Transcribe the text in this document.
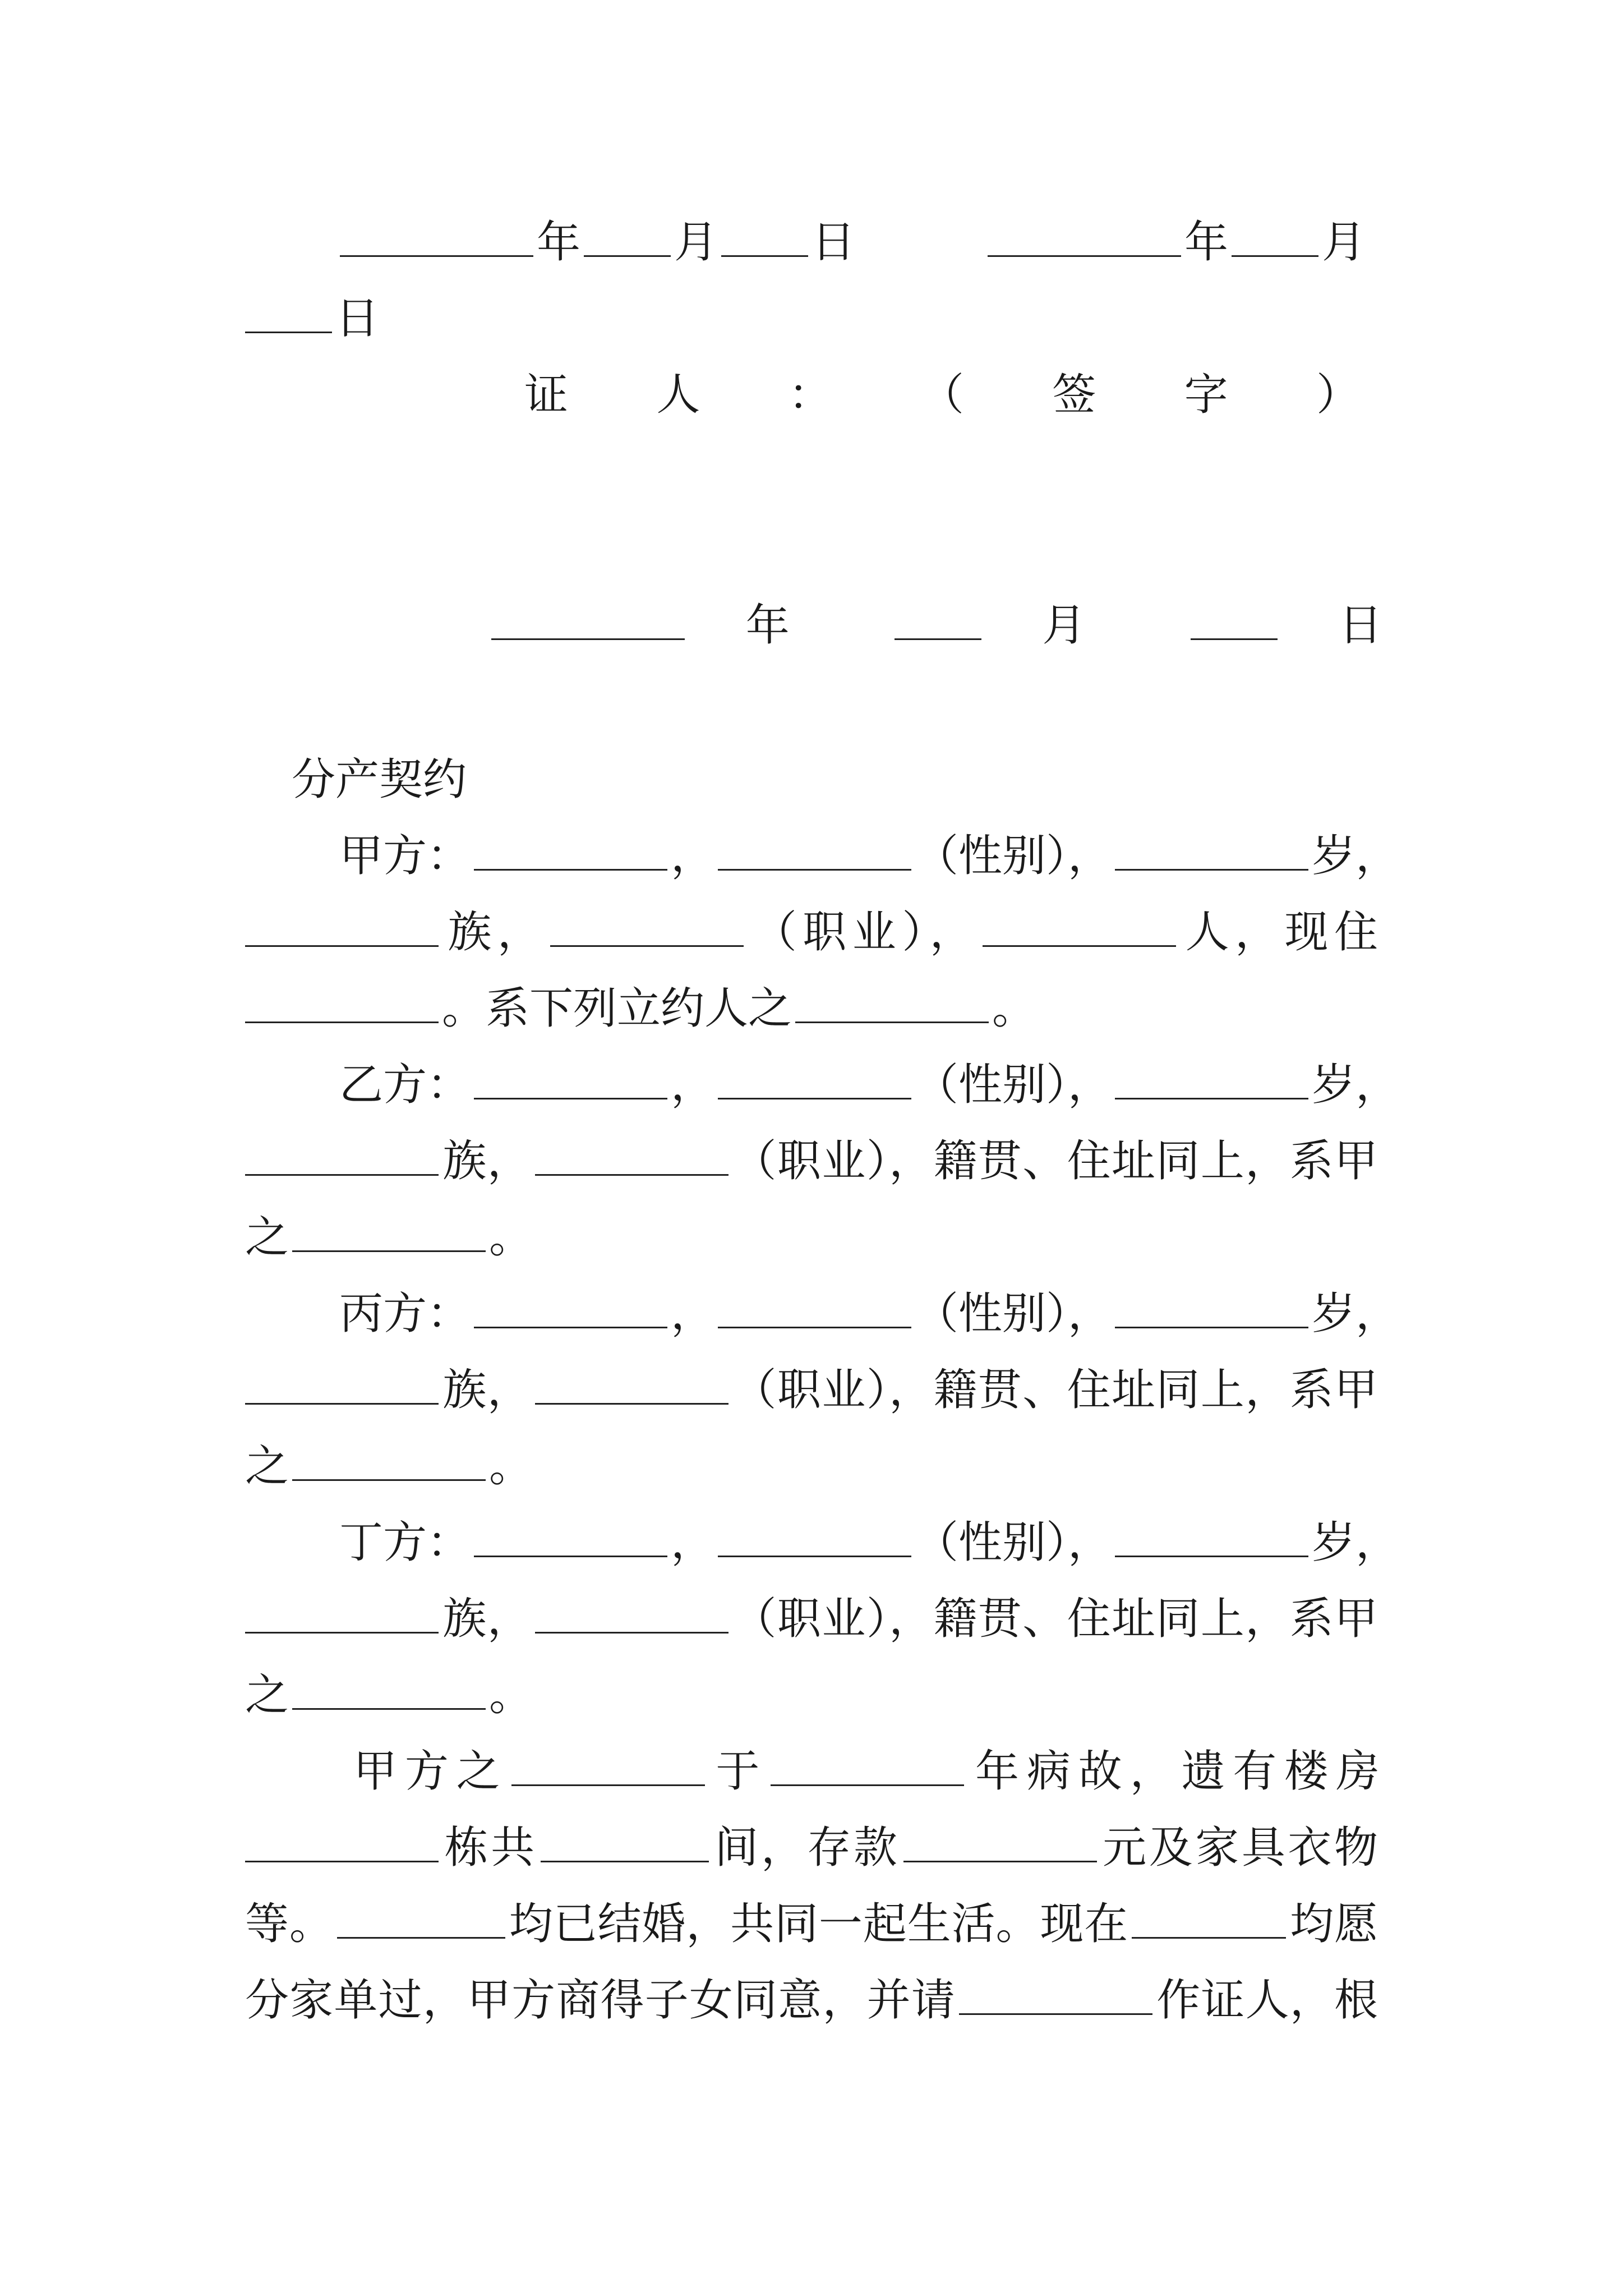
年 月 日	年 月
日
证 人 ： （ 签 字 ）
年	月	日
分产契约
甲方：	，	（性别），	岁，
族，	（职业），	人，现住
。系下列立约人之	。
乙方：	，	（性别），	岁，
族，	（职业），籍贯、住址同上，系甲
之	。
丙方：	，	（性别），	岁，
族，	（职业），籍贯、住址同上，系甲
之	。
丁方：	，	（性别），	岁，
族，	（职业），籍贯、住址同上，系甲
之	。
甲方之	于	年病故，遗有楼房
栋共	间，存款	元及家具衣物
等。	均已结婚，共同一起生活。现在	均愿
分家单过，甲方商得子女同意，并请	作证人，根
